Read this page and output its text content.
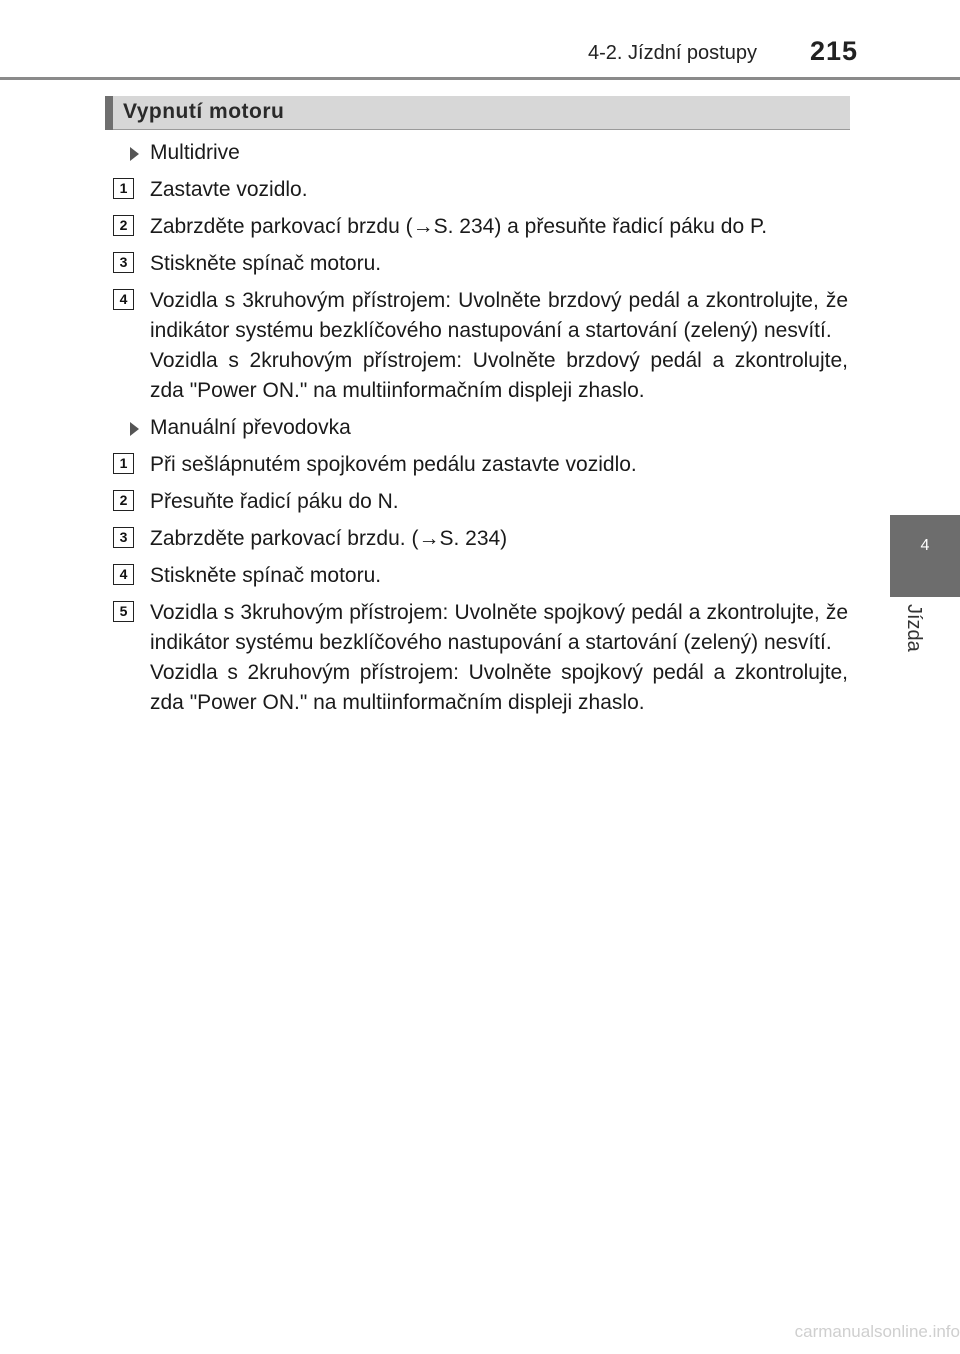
4-2. Jízdní postupy	215
4
Jízda
Vypnutí motoru
Multidrive
1	Zastavte vozidlo.
2	Zabrzděte parkovací brzdu (→S. 234) a přesuňte řadicí páku do P.
3	Stiskněte spínač motoru.
4	Vozidla s 3kruhovým přístrojem: Uvolněte brzdový pedál a zkontrolujte, že indikátor systému bezklíčového nastupování a startování (zelený) nesvítí.
Vozidla s 2kruhovým přístrojem: Uvolněte brzdový pedál a zkontrolujte, zda "Power ON." na multiinformačním displeji zhaslo.
Manuální převodovka
1	Při sešlápnutém spojkovém pedálu zastavte vozidlo.
2	Přesuňte řadicí páku do N.
3	Zabrzděte parkovací brzdu. (→S. 234)
4	Stiskněte spínač motoru.
5	Vozidla s 3kruhovým přístrojem: Uvolněte spojkový pedál a zkontrolujte, že indikátor systému bezklíčového nastupování a startování (zelený) nesvítí.
Vozidla s 2kruhovým přístrojem: Uvolněte spojkový pedál a zkontrolujte, zda "Power ON." na multiinformačním displeji zhaslo.
carmanualsonline.info
